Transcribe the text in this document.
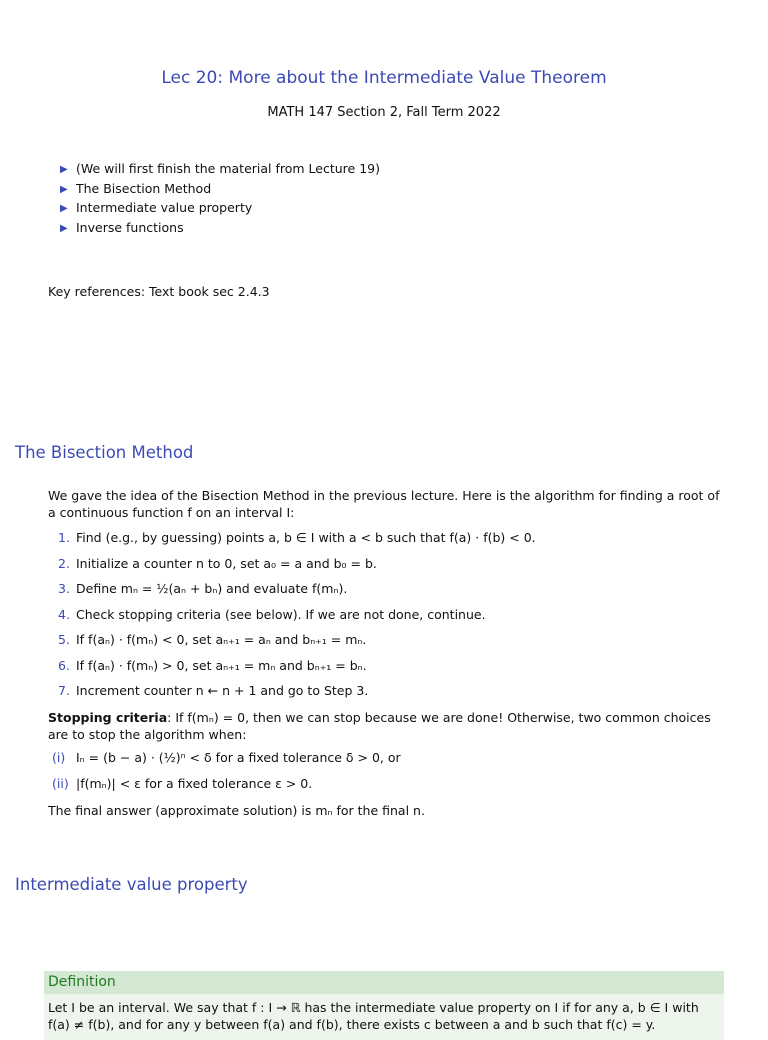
Lec 20: More about the Intermediate Value Theorem
MATH 147 Section 2, Fall Term 2022
▶ (We will first finish the material from Lecture 19)
▶ The Bisection Method
▶ Intermediate value property
▶ Inverse functions
Key references: Text book sec 2.4.3
The Bisection Method
We gave the idea of the Bisection Method in the previous lecture. Here is the algorithm for finding a root of a continuous function f on an interval I:
1. Find (e.g., by guessing) points a, b ∈ I with a < b such that f(a) · f(b) < 0.
2. Initialize a counter n to 0, set a₀ = a and b₀ = b.
3. Define mₙ = ½(aₙ + bₙ) and evaluate f(mₙ).
4. Check stopping criteria (see below). If we are not done, continue.
5. If f(aₙ) · f(mₙ) < 0, set aₙ₊₁ = aₙ and bₙ₊₁ = mₙ.
6. If f(aₙ) · f(mₙ) > 0, set aₙ₊₁ = mₙ and bₙ₊₁ = bₙ.
7. Increment counter n ← n + 1 and go to Step 3.
Stopping criteria: If f(mₙ) = 0, then we can stop because we are done! Otherwise, two common choices are to stop the algorithm when:
(i) Iₙ = (b − a) · (½)ⁿ < δ for a fixed tolerance δ > 0, or
(ii) |f(mₙ)| < ε for a fixed tolerance ε > 0.
The final answer (approximate solution) is mₙ for the final n.
Intermediate value property
Definition
Let I be an interval. We say that f : I → ℝ has the intermediate value property on I if for any a, b ∈ I with f(a) ≠ f(b), and for any y between f(a) and f(b), there exists c between a and b such that f(c) = y.
